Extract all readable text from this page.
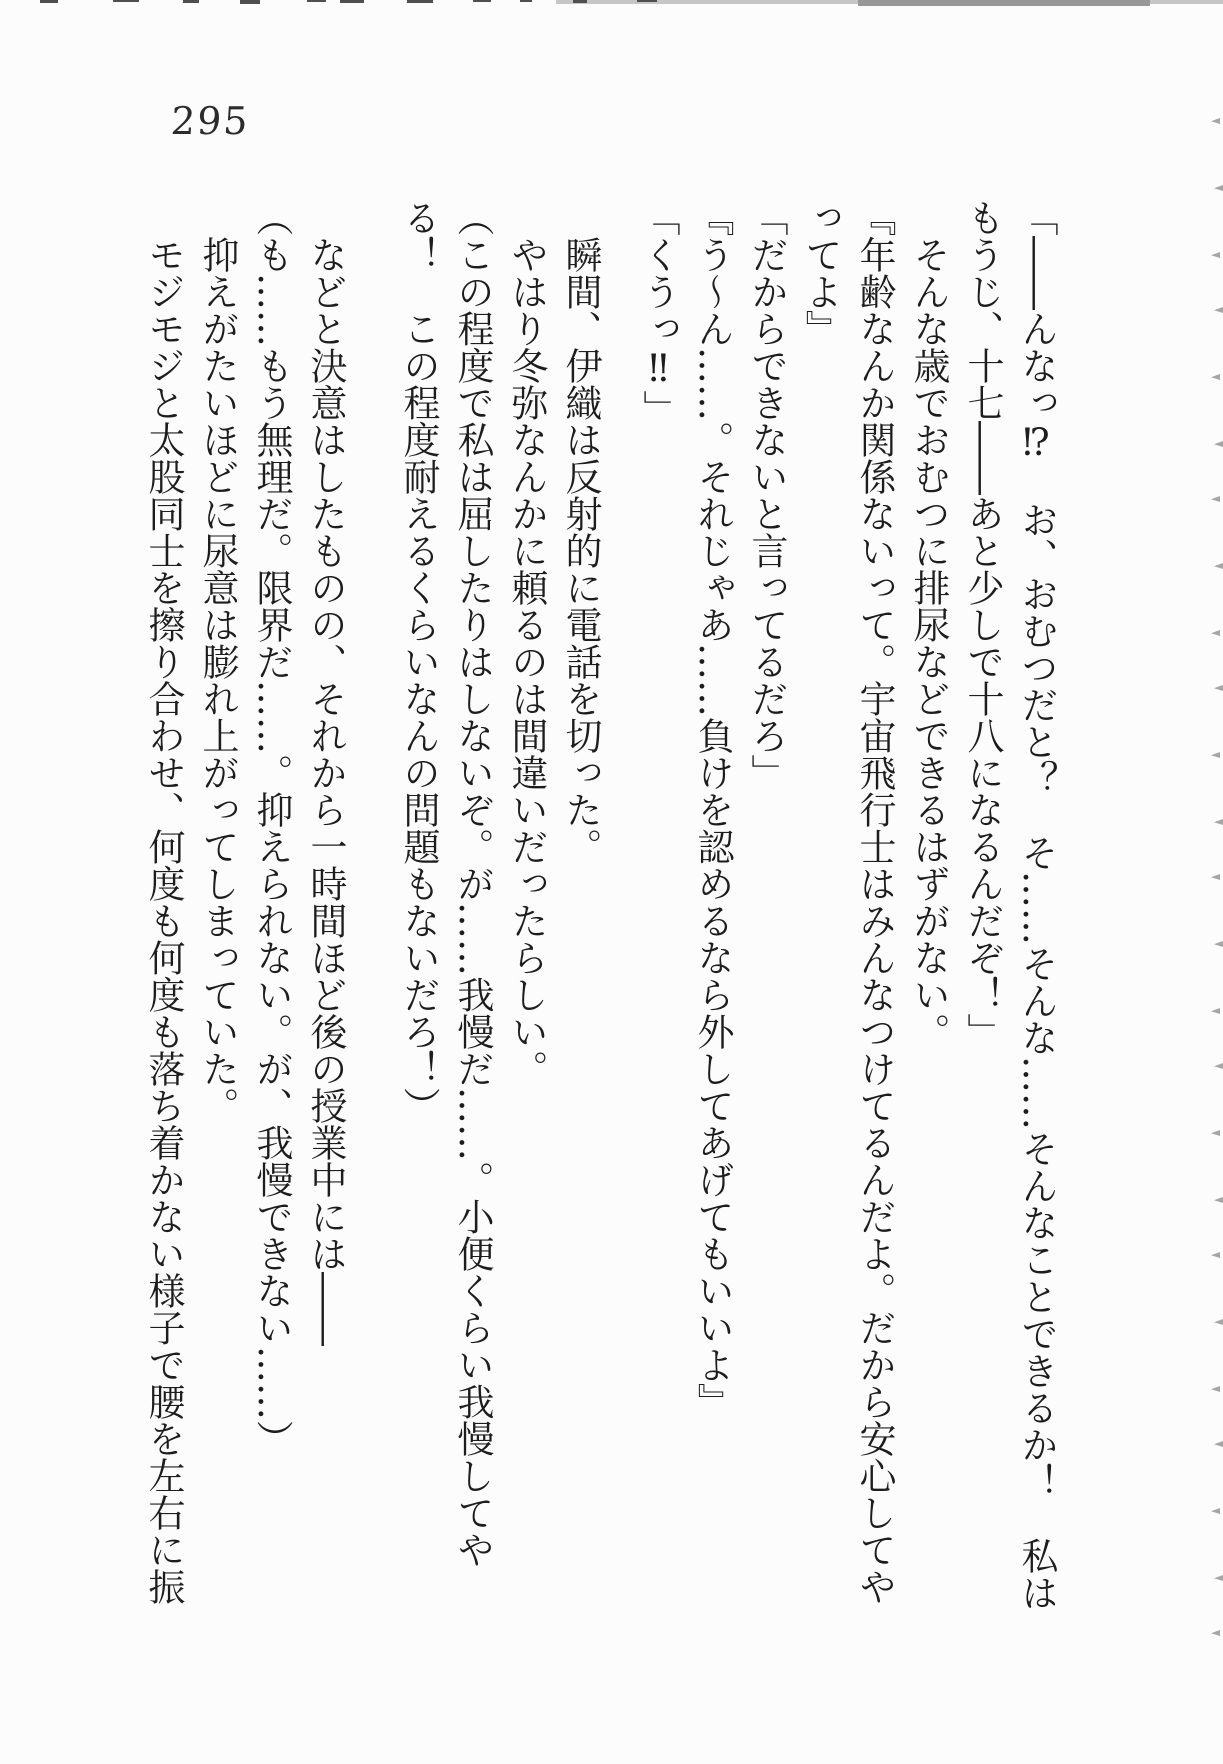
295

「――んなっ⁉　お、おむつだと？　そ……そんな……そんなことできるか！　私は

もうじ、十七――あと少しで十八になるんだぞ！」

そんな歳でおむつに排尿などできるはずがない。

『年齢なんか関係ないって。宇宙飛行士はみんなつけてるんだよ。だから安心してや

ってよ』

「だからできないと言ってるだろ」

『う～ん……。それじゃあ……負けを認めるなら外してあげてもいいよ』

「くうっ‼」

瞬間、伊織は反射的に電話を切った。

やはり冬弥なんかに頼るのは間違いだったらしい。

（この程度で私は屈したりはしないぞ。が……我慢だ……。小便くらい我慢してや

る！　この程度耐えるくらいなんの問題もないだろ！）

などと決意はしたものの、それから一時間ほど後の授業中には――

（も……もう無理だ。限界だ……。抑えられない。が、我慢できない……）

抑えがたいほどに尿意は膨れ上がってしまっていた。

モジモジと太股同士を擦り合わせ、何度も何度も落ち着かない様子で腰を左右に振
